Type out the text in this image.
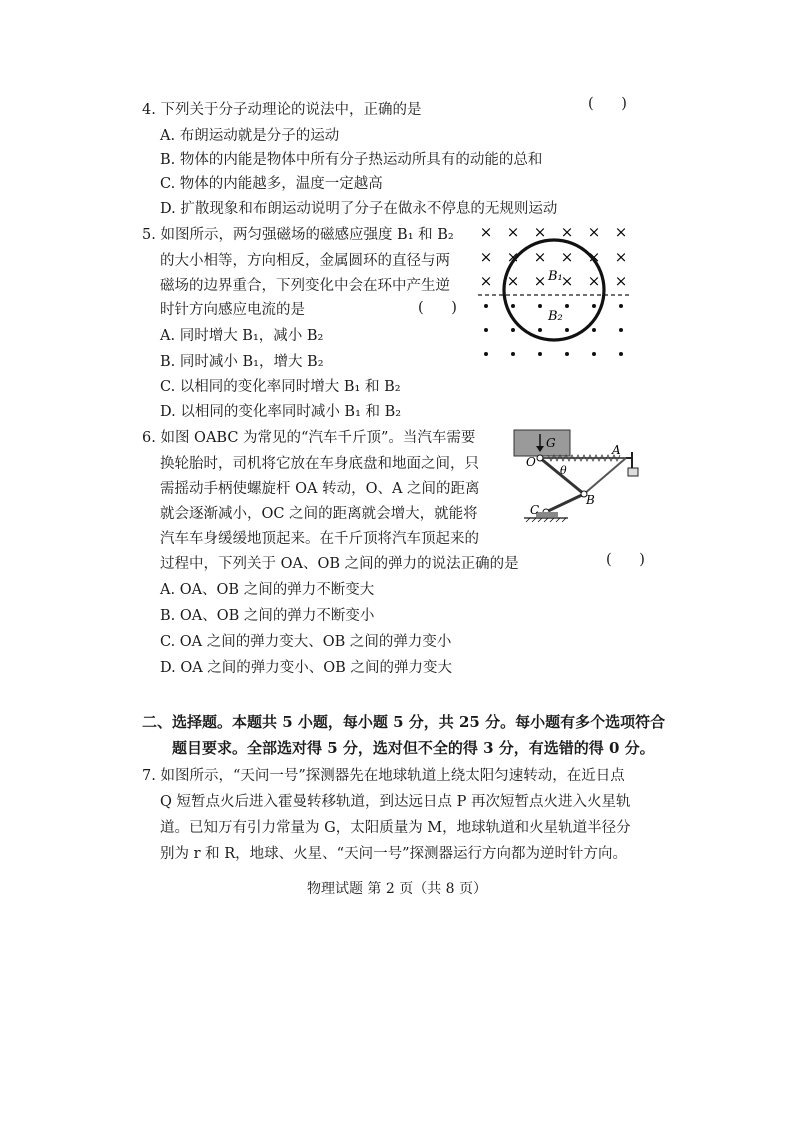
4. 下列关于分子动理论的说法中，正确的是	(      )
A. 布朗运动就是分子的运动
B. 物体的内能是物体中所有分子热运动所具有的动能的总和
C. 物体的内能越多，温度一定越高
D. 扩散现象和布朗运动说明了分子在做永不停息的无规则运动
5. 如图所示，两匀强磁场的磁感应强度 B₁ 和 B₂
的大小相等，方向相反，金属圆环的直径与两
磁场的边界重合，下列变化中会在环中产生逆
时针方向感应电流的是	(      )
A. 同时增大 B₁，减小 B₂
B. 同时减小 B₁，增大 B₂
C. 以相同的变化率同时增大 B₁ 和 B₂
D. 以相同的变化率同时减小 B₁ 和 B₂
× × × × × ×
× × × × × ×
× × × × × ×
B₁
B₂
6. 如图 OABC 为常见的“汽车千斤顶”。当汽车需要
换轮胎时，司机将它放在车身底盘和地面之间，只
需摇动手柄使螺旋杆 OA 转动，O、A 之间的距离
就会逐渐减小，OC 之间的距离就会增大，就能将
汽车车身缓缓地顶起来。在千斤顶将汽车顶起来的
过程中，下列关于 OA、OB 之间的弹力的说法正确的是	(      )
A. OA、OB 之间的弹力不断变大
B. OA、OB 之间的弹力不断变小
C. OA 之间的弹力变大、OB 之间的弹力变小
D. OA 之间的弹力变小、OB 之间的弹力变大
G	A
O
θ
B
C
二、选择题。本题共 5 小题，每小题 5 分，共 25 分。每小题有多个选项符合
题目要求。全部选对得 5 分，选对但不全的得 3 分，有选错的得 0 分。
7. 如图所示，“天问一号”探测器先在地球轨道上绕太阳匀速转动，在近日点
Q 短暂点火后进入霍曼转移轨道，到达远日点 P 再次短暂点火进入火星轨
道。已知万有引力常量为 G，太阳质量为 M，地球轨道和火星轨道半径分
别为 r 和 R，地球、火星、“天问一号”探测器运行方向都为逆时针方向。
物理试题 第 2 页（共 8 页）
